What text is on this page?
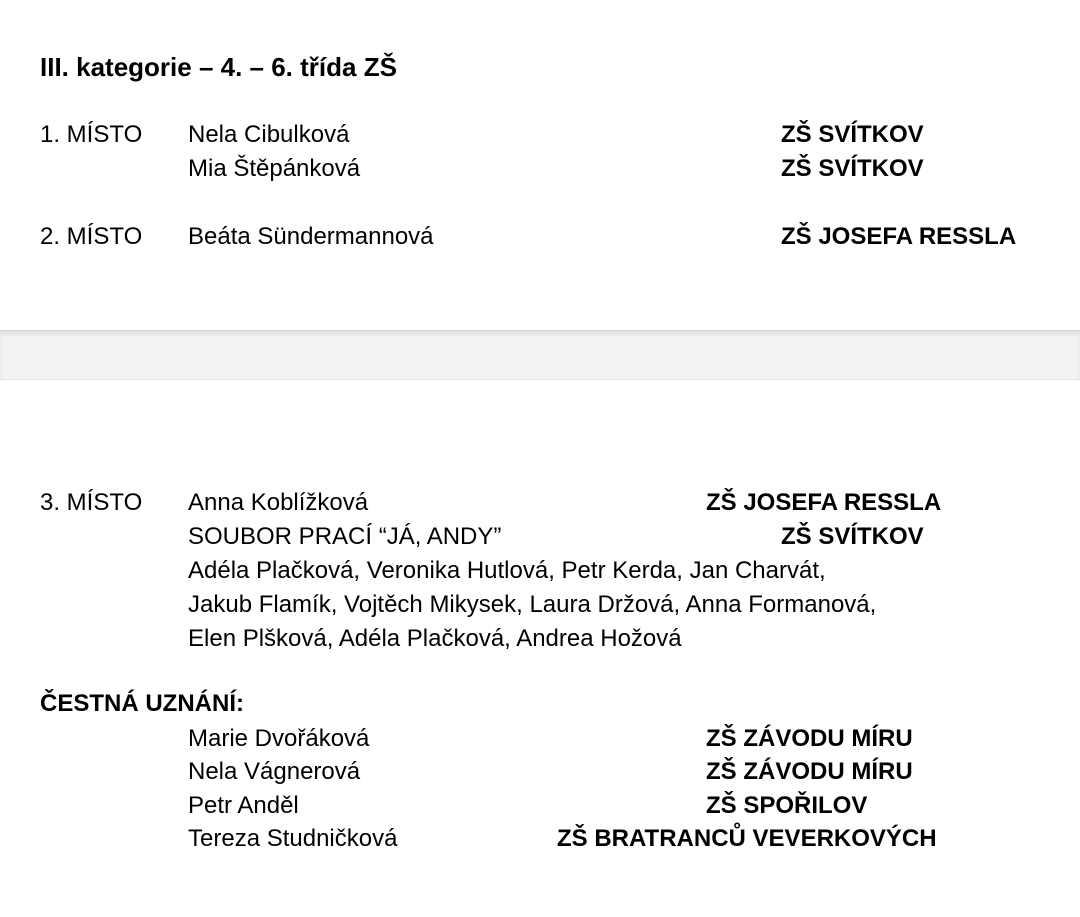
III. kategorie – 4. – 6. třída ZŠ
1. MÍSTO Nela Cibulková	ZŠ SVÍTKOV
Mia Štěpánková	ZŠ SVÍTKOV
2. MÍSTO Beáta Sündermannová	ZŠ JOSEFA RESSLA
3. MÍSTO Anna Koblížková	ZŠ JOSEFA RESSLA
SOUBOR PRACÍ “JÁ, ANDY”	ZŠ SVÍTKOV
Adéla Plačková, Veronika Hutlová, Petr Kerda, Jan Charvát,
Jakub Flamík, Vojtěch Mikysek, Laura Držová, Anna Formanová,
Elen Plšková, Adéla Plačková, Andrea Hožová
ČESTNÁ UZNÁNÍ:
Marie Dvořáková	ZŠ ZÁVODU MÍRU
Nela Vágnerová	ZŠ ZÁVODU MÍRU
Petr Anděl	ZŠ SPOŘILOV
Tereza Studničková	ZŠ BRATRANCŮ VEVERKOVÝCH
